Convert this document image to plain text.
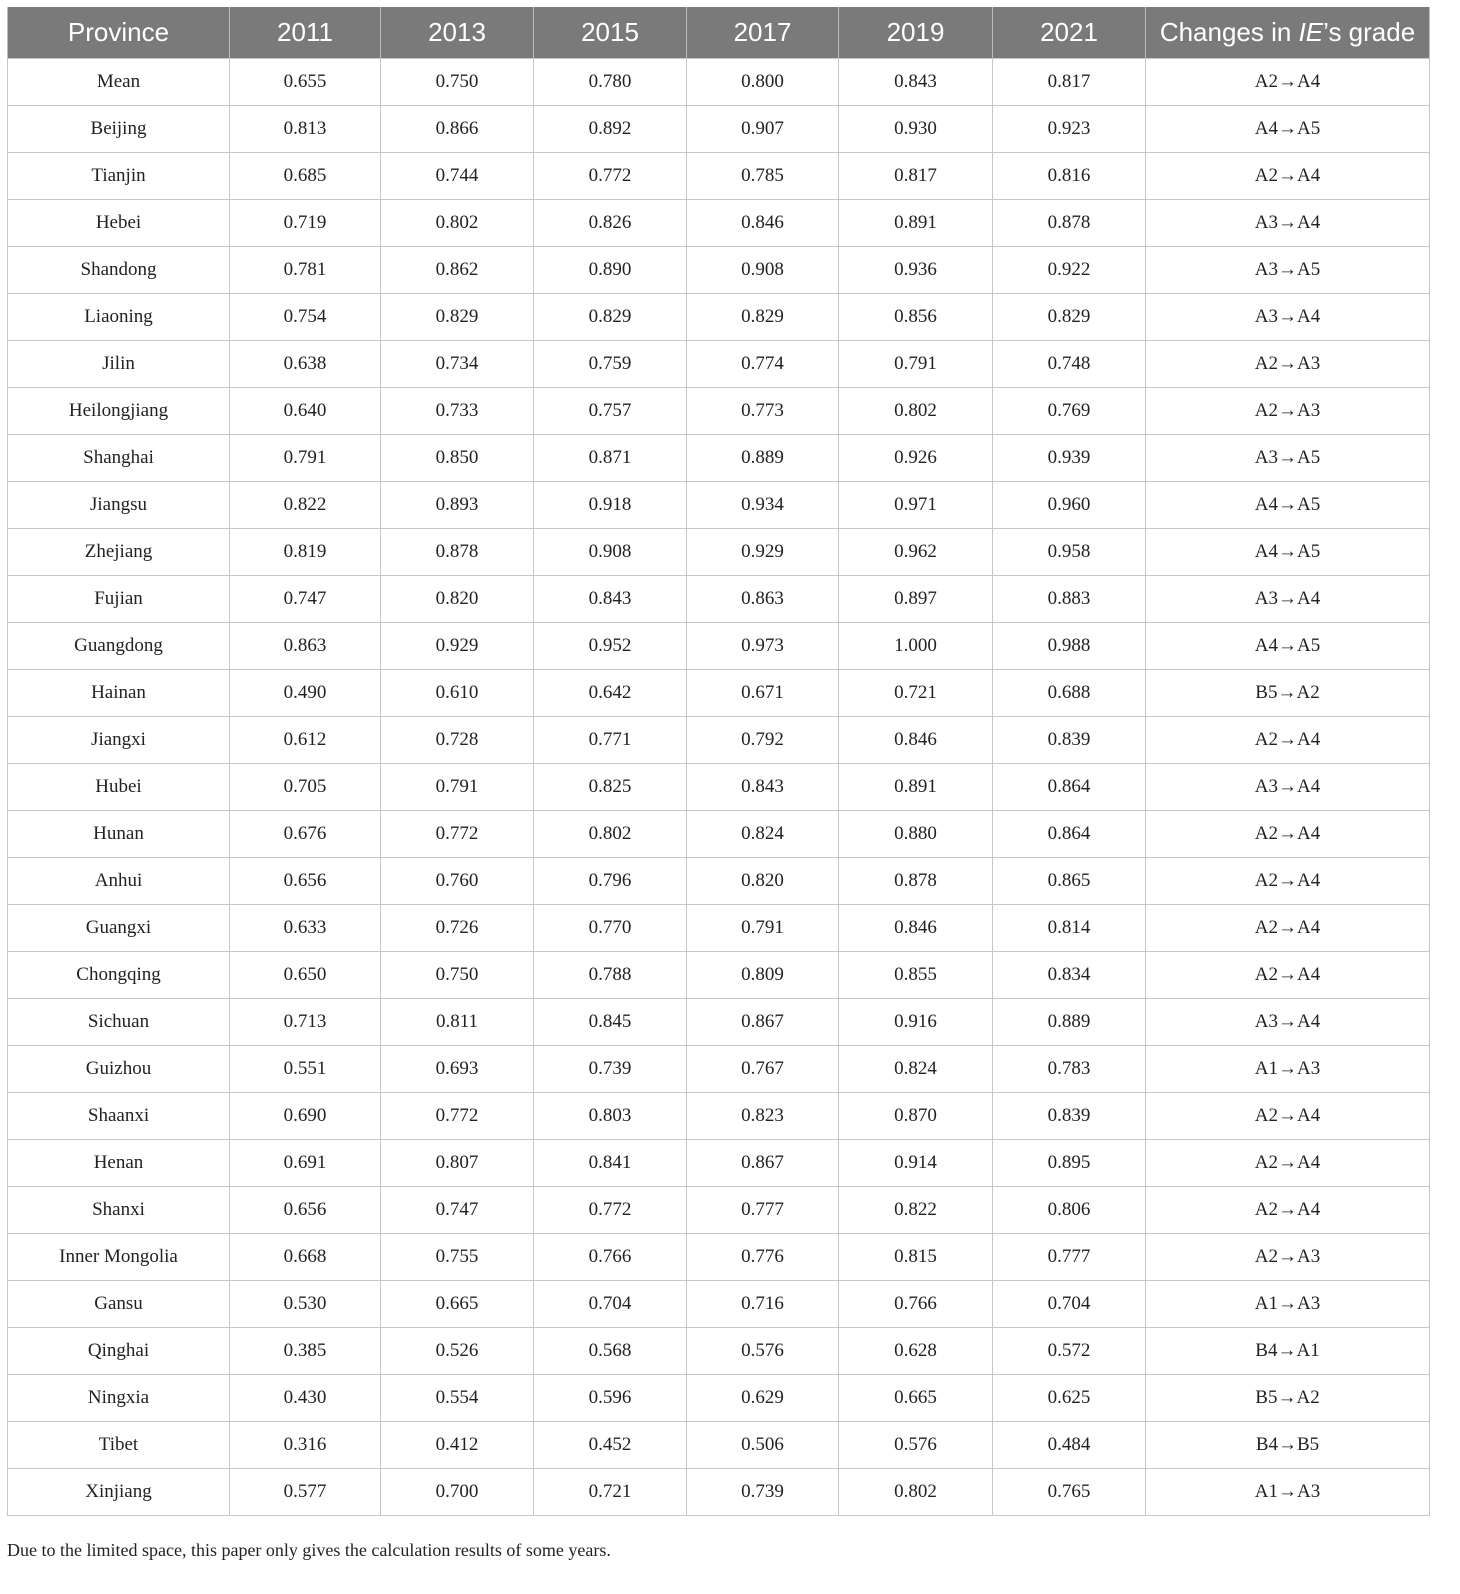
Province	2011	2013	2015	2017	2019	2021	Changes in IE’s grade
Mean	0.655	0.750	0.780	0.800	0.843	0.817	A2→A4
Beijing	0.813	0.866	0.892	0.907	0.930	0.923	A4→A5
Tianjin	0.685	0.744	0.772	0.785	0.817	0.816	A2→A4
Hebei	0.719	0.802	0.826	0.846	0.891	0.878	A3→A4
Shandong	0.781	0.862	0.890	0.908	0.936	0.922	A3→A5
Liaoning	0.754	0.829	0.829	0.829	0.856	0.829	A3→A4
Jilin	0.638	0.734	0.759	0.774	0.791	0.748	A2→A3
Heilongjiang	0.640	0.733	0.757	0.773	0.802	0.769	A2→A3
Shanghai	0.791	0.850	0.871	0.889	0.926	0.939	A3→A5
Jiangsu	0.822	0.893	0.918	0.934	0.971	0.960	A4→A5
Zhejiang	0.819	0.878	0.908	0.929	0.962	0.958	A4→A5
Fujian	0.747	0.820	0.843	0.863	0.897	0.883	A3→A4
Guangdong	0.863	0.929	0.952	0.973	1.000	0.988	A4→A5
Hainan	0.490	0.610	0.642	0.671	0.721	0.688	B5→A2
Jiangxi	0.612	0.728	0.771	0.792	0.846	0.839	A2→A4
Hubei	0.705	0.791	0.825	0.843	0.891	0.864	A3→A4
Hunan	0.676	0.772	0.802	0.824	0.880	0.864	A2→A4
Anhui	0.656	0.760	0.796	0.820	0.878	0.865	A2→A4
Guangxi	0.633	0.726	0.770	0.791	0.846	0.814	A2→A4
Chongqing	0.650	0.750	0.788	0.809	0.855	0.834	A2→A4
Sichuan	0.713	0.811	0.845	0.867	0.916	0.889	A3→A4
Guizhou	0.551	0.693	0.739	0.767	0.824	0.783	A1→A3
Shaanxi	0.690	0.772	0.803	0.823	0.870	0.839	A2→A4
Henan	0.691	0.807	0.841	0.867	0.914	0.895	A2→A4
Shanxi	0.656	0.747	0.772	0.777	0.822	0.806	A2→A4
Inner Mongolia	0.668	0.755	0.766	0.776	0.815	0.777	A2→A3
Gansu	0.530	0.665	0.704	0.716	0.766	0.704	A1→A3
Qinghai	0.385	0.526	0.568	0.576	0.628	0.572	B4→A1
Ningxia	0.430	0.554	0.596	0.629	0.665	0.625	B5→A2
Tibet	0.316	0.412	0.452	0.506	0.576	0.484	B4→B5
Xinjiang	0.577	0.700	0.721	0.739	0.802	0.765	A1→A3
Due to the limited space, this paper only gives the calculation results of some years.
